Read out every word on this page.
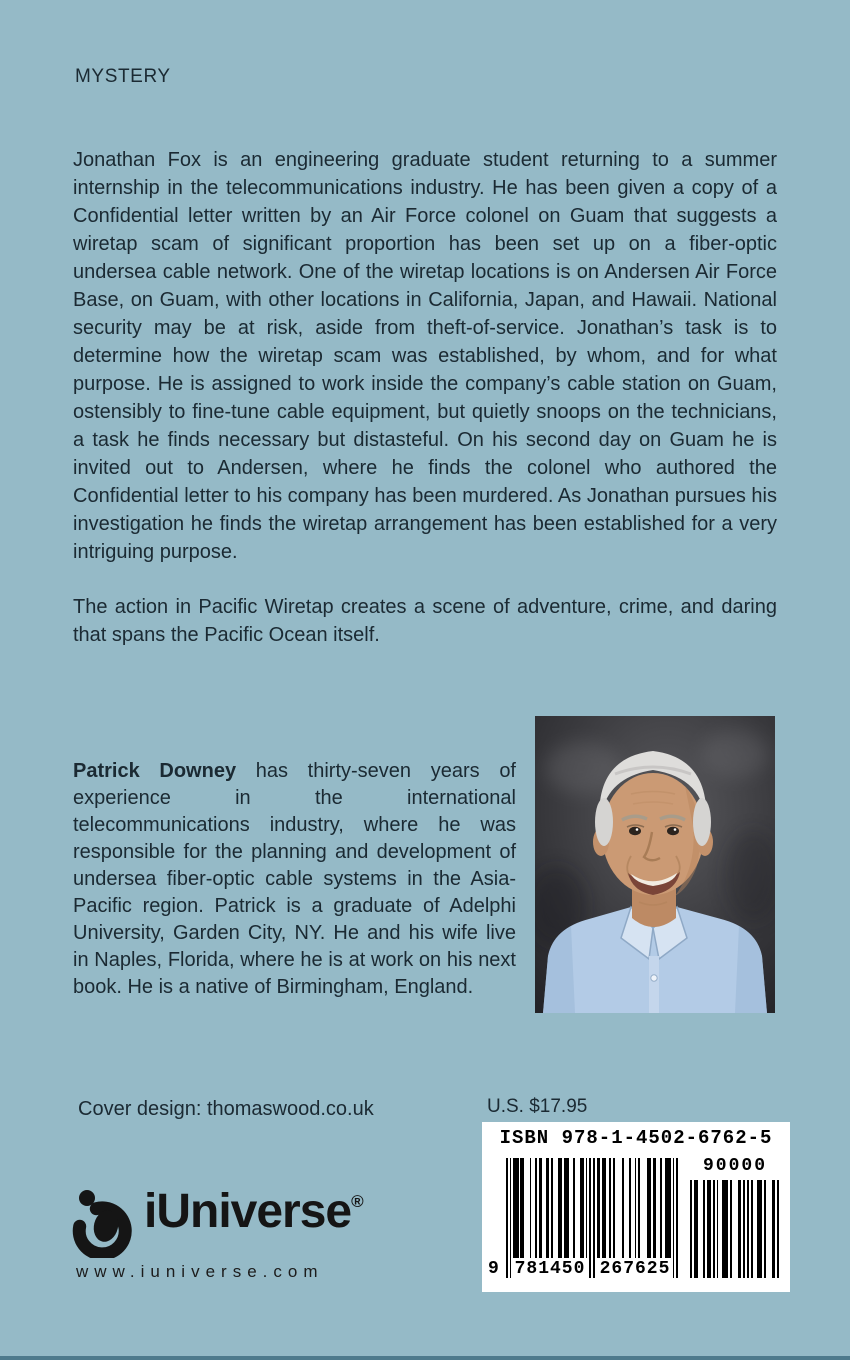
MYSTERY

Jonathan Fox is an engineering graduate student returning to a summer internship in the telecommunications industry. He has been given a copy of a Confidential letter written by an Air Force colonel on Guam that suggests a wiretap scam of significant proportion has been set up on a fiber-optic undersea cable network. One of the wiretap locations is on Andersen Air Force Base, on Guam, with other locations in California, Japan, and Hawaii. National security may be at risk, aside from theft-of-service. Jonathan’s task is to determine how the wiretap scam was established, by whom, and for what purpose. He is assigned to work inside the company’s cable station on Guam, ostensibly to fine-tune cable equipment, but quietly snoops on the technicians, a task he finds necessary but distasteful. On his second day on Guam he is invited out to Andersen, where he finds the colonel who authored the Confidential letter to his company has been murdered. As Jonathan pursues his investigation he finds the wiretap arrangement has been established for a very intriguing purpose.

The action in Pacific Wiretap creates a scene of adventure, crime, and daring that spans the Pacific Ocean itself.

Patrick Downey has thirty-seven years of experience in the international telecommunications industry, where he was responsible for the planning and development of undersea fiber-optic cable systems in the Asia-Pacific region. Patrick is a graduate of Adelphi University, Garden City, NY. He and his wife live in Naples, Florida, where he is at work on his next book. He is a native of Birmingham, England.
Cover design: thomaswood.co.uk	U.S. $17.95
ISBN 978-1-4502-6762-5
9 781450 267625
90000
iUniverse®
www.iuniverse.com
